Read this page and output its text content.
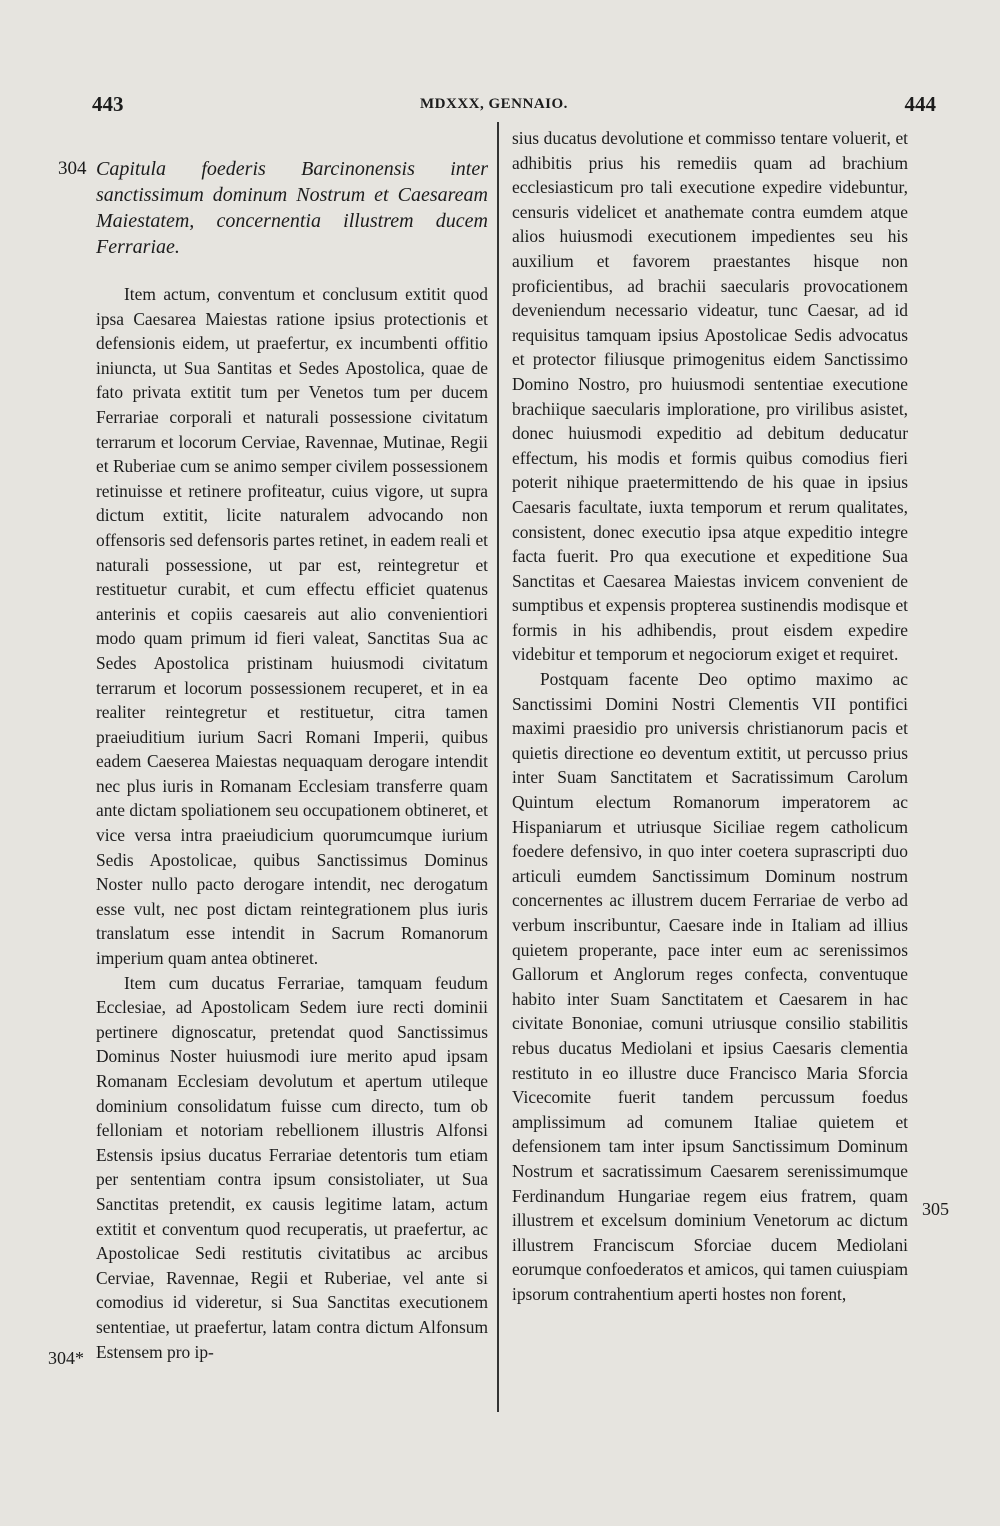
443	MDXXX, GENNAIO.	444
304 Capitula foederis Barcinonensis inter sanctissimum dominum Nostrum et Caesaream Maiestatem, concernentia illustrem ducem Ferrariae.

Item actum, conventum et conclusum extitit quod ipsa Caesarea Maiestas ratione ipsius protectionis et defensionis eidem, ut praefertur, ex incumbenti offitio iniuncta, ut Sua Santitas et Sedes Apostolica, quae de fato privata extitit tum per Venetos tum per ducem Ferrariae corporali et naturali possessione civitatum terrarum et locorum Cerviae, Ravennae, Mutinae, Regii et Ruberiae cum se animo semper civilem possessionem retinuisse et retinere profiteatur, cuius vigore, ut supra dictum extitit, licite naturalem advocando non offensoris sed defensoris partes retinet, in eadem reali et naturali possessione, ut par est, reintegretur et restituetur curabit, et cum effectu efficiet quatenus anterinis et copiis caesareis aut alio convenientiori modo quam primum id fieri valeat, Sanctitas Sua ac Sedes Apostolica pristinam huiusmodi civitatum terrarum et locorum possessionem recuperet, et in ea realiter reintegretur et restituetur, citra tamen praeiuditium iurium Sacri Romani Imperii, quibus eadem Caeserea Maiestas nequaquam derogare intendit nec plus iuris in Romanam Ecclesiam transferre quam ante dictam spoliationem seu occupationem obtineret, et vice versa intra praeiudicium quorumcumque iurium Sedis Apostolicae, quibus Sanctissimus Dominus Noster nullo pacto derogare intendit, nec derogatum esse vult, nec post dictam reintegrationem plus iuris translatum esse intendit in Sacrum Romanorum imperium quam antea obtineret.

Item cum ducatus Ferrariae, tamquam feudum Ecclesiae, ad Apostolicam Sedem iure recti dominii pertinere dignoscatur, pretendat quod Sanctissimus Dominus Noster huiusmodi iure merito apud ipsam Romanam Ecclesiam devolutum et apertum utileque dominium consolidatum fuisse cum directo, tum ob felloniam et notoriam rebellionem illustris Alfonsi Estensis ipsius ducatus Ferrariae detentoris tum etiam per sententiam contra ipsum consistoliater, ut Sua Sanctitas pretendit, ex causis legitime latam, actum extitit et conventum quod recuperatis, ut praefertur, ac Apostolicae Sedi restitutis civitatibus ac arcibus Cerviae, Ravennae, Regii et Ruberiae, vel ante si comodius id videretur, si Sua Sanctitas executionem sententiae, ut praefertur, latam contra dictum Alfonsum Estensem pro ip-

304*

sius ducatus devolutione et commisso tentare voluerit, et adhibitis prius his remediis quam ad brachium ecclesiasticum pro tali executione expedire videbuntur, censuris videlicet et anathemate contra eumdem atque alios huiusmodi executionem impedientes seu his auxilium et favorem praestantes hisque non proficientibus, ad brachii saecularis provocationem deveniendum necessario videatur, tunc Caesar, ad id requisitus tamquam ipsius Apostolicae Sedis advocatus et protector filiusque primogenitus eidem Sanctissimo Domino Nostro, pro huiusmodi sententiae executione brachiique saecularis imploratione, pro virilibus asistet, donec huiusmodi expeditio ad debitum deducatur effectum, his modis et formis quibus comodius fieri poterit nihique praetermittendo de his quae in ipsius Caesaris facultate, iuxta temporum et rerum qualitates, consistent, donec executio ipsa atque expeditio integre facta fuerit. Pro qua executione et expeditione Sua Sanctitas et Caesarea Maiestas invicem convenient de sumptibus et expensis propterea sustinendis modisque et formis in his adhibendis, prout eisdem expedire videbitur et temporum et negociorum exiget et requiret.

Postquam facente Deo optimo maximo ac Sanctissimi Domini Nostri Clementis VII pontifici maximi praesidio pro universis christianorum pacis et quietis directione eo deventum extitit, ut percusso prius inter Suam Sanctitatem et Sacratissimum Carolum Quintum electum Romanorum imperatorem ac Hispaniarum et utriusque Siciliae regem catholicum foedere defensivo, in quo inter coetera suprascripti duo articuli eumdem Sanctissimum Dominum nostrum concernentes ac illustrem ducem Ferrariae de verbo ad verbum inscribuntur, Caesare inde in Italiam ad illius quietem properante, pace inter eum ac serenissimos Gallorum et Anglorum reges confecta, conventuque habito inter Suam Sanctitatem et Caesarem in hac civitate Bononiae, comuni utriusque consilio stabilitis rebus ducatus Mediolani et ipsius Caesaris clementia restituto in eo illustre duce Francisco Maria Sforcia Vicecomite fuerit tandem percussum foedus amplissimum ad comunem Italiae quietem et defensionem tam inter ipsum Sanctissimum Dominum Nostrum et sacratissimum Caesarem serenissimumque Ferdinandum Hungariae regem eius fratrem, quam illustrem et excelsum dominium Venetorum ac dictum illustrem Franciscum Sforciae ducem Mediolani eorumque confoederatos et amicos, qui tamen cuiuspiam ipsorum contrahentium aperti hostes non forent,

305
